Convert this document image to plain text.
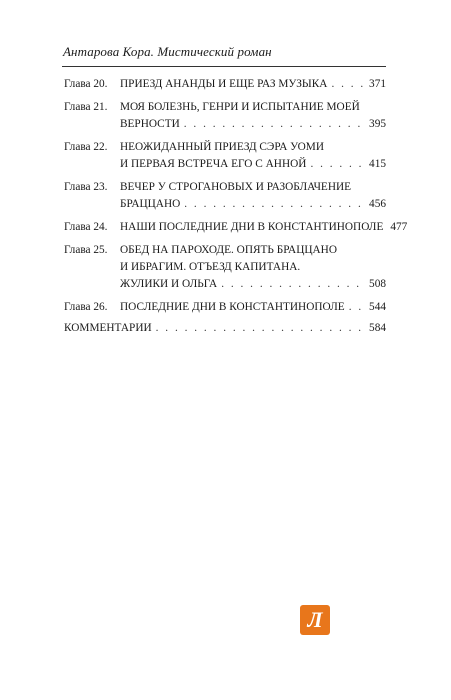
Антарова Кора. Мистический роман
Глава 20.	ПРИЕЗД АНАНДЫ И ЕЩЕ РАЗ МУЗЫКА . . .	371
Глава 21.	МОЯ БОЛЕЗНЬ, ГЕНРИ И ИСПЫТАНИЕ МОЕЙ
ВЕРНОСТИ . . .	395
Глава 22.	НЕОЖИДАННЫЙ ПРИЕЗД СЭРА УОМИ
И ПЕРВАЯ ВСТРЕЧА ЕГО С АННОЙ . . .	415
Глава 23.	ВЕЧЕР У СТРОГАНОВЫХ И РАЗОБЛАЧЕНИЕ
БРАЦЦАНО . . .	456
Глава 24.	НАШИ ПОСЛЕДНИЕ ДНИ В КОНСТАНТИНОПОЛЕ 477
Глава 25.	ОБЕД НА ПАРОХОДЕ. ОПЯТЬ БРАЦЦАНО
И ИБРАГИМ. ОТЪЕЗД КАПИТАНА.
ЖУЛИКИ И ОЛЬГА . . .	508
Глава 26.	ПОСЛЕДНИЕ ДНИ В КОНСТАНТИНОПОЛЕ . . . 544
КОММЕНТАРИИ . . .	584
Л
